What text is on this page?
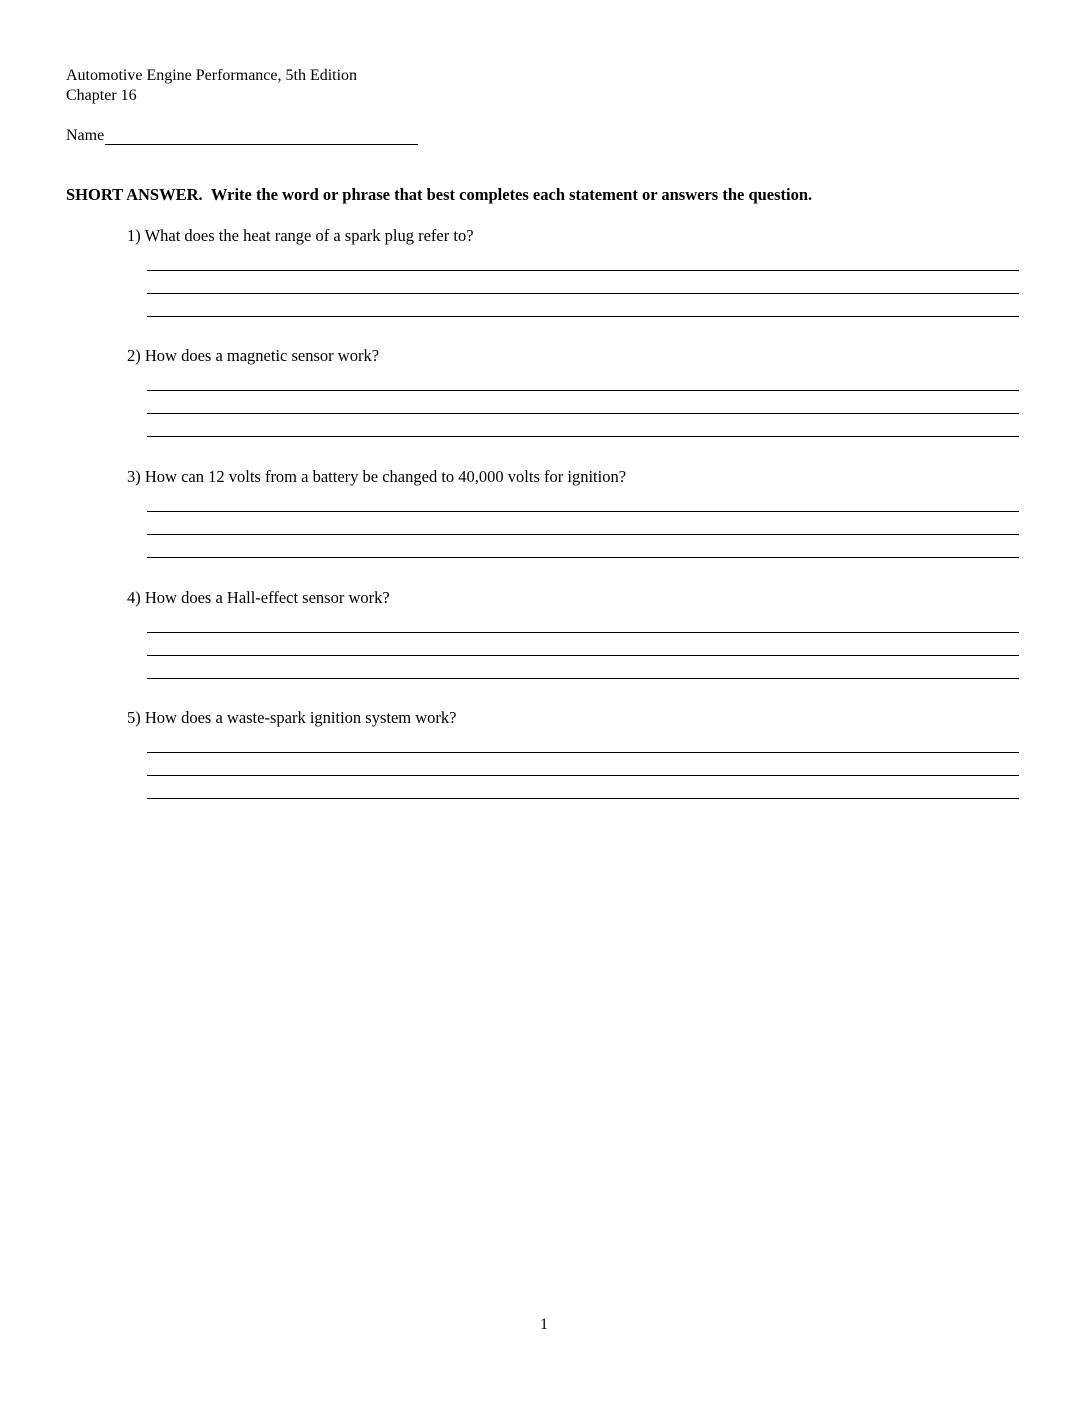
Automotive Engine Performance, 5th Edition
Chapter 16
Name
SHORT ANSWER. Write the word or phrase that best completes each statement or answers the question.
1) What does the heat range of a spark plug refer to?
2) How does a magnetic sensor work?
3) How can 12 volts from a battery be changed to 40,000 volts for ignition?
4) How does a Hall-effect sensor work?
5) How does a waste-spark ignition system work?
1
